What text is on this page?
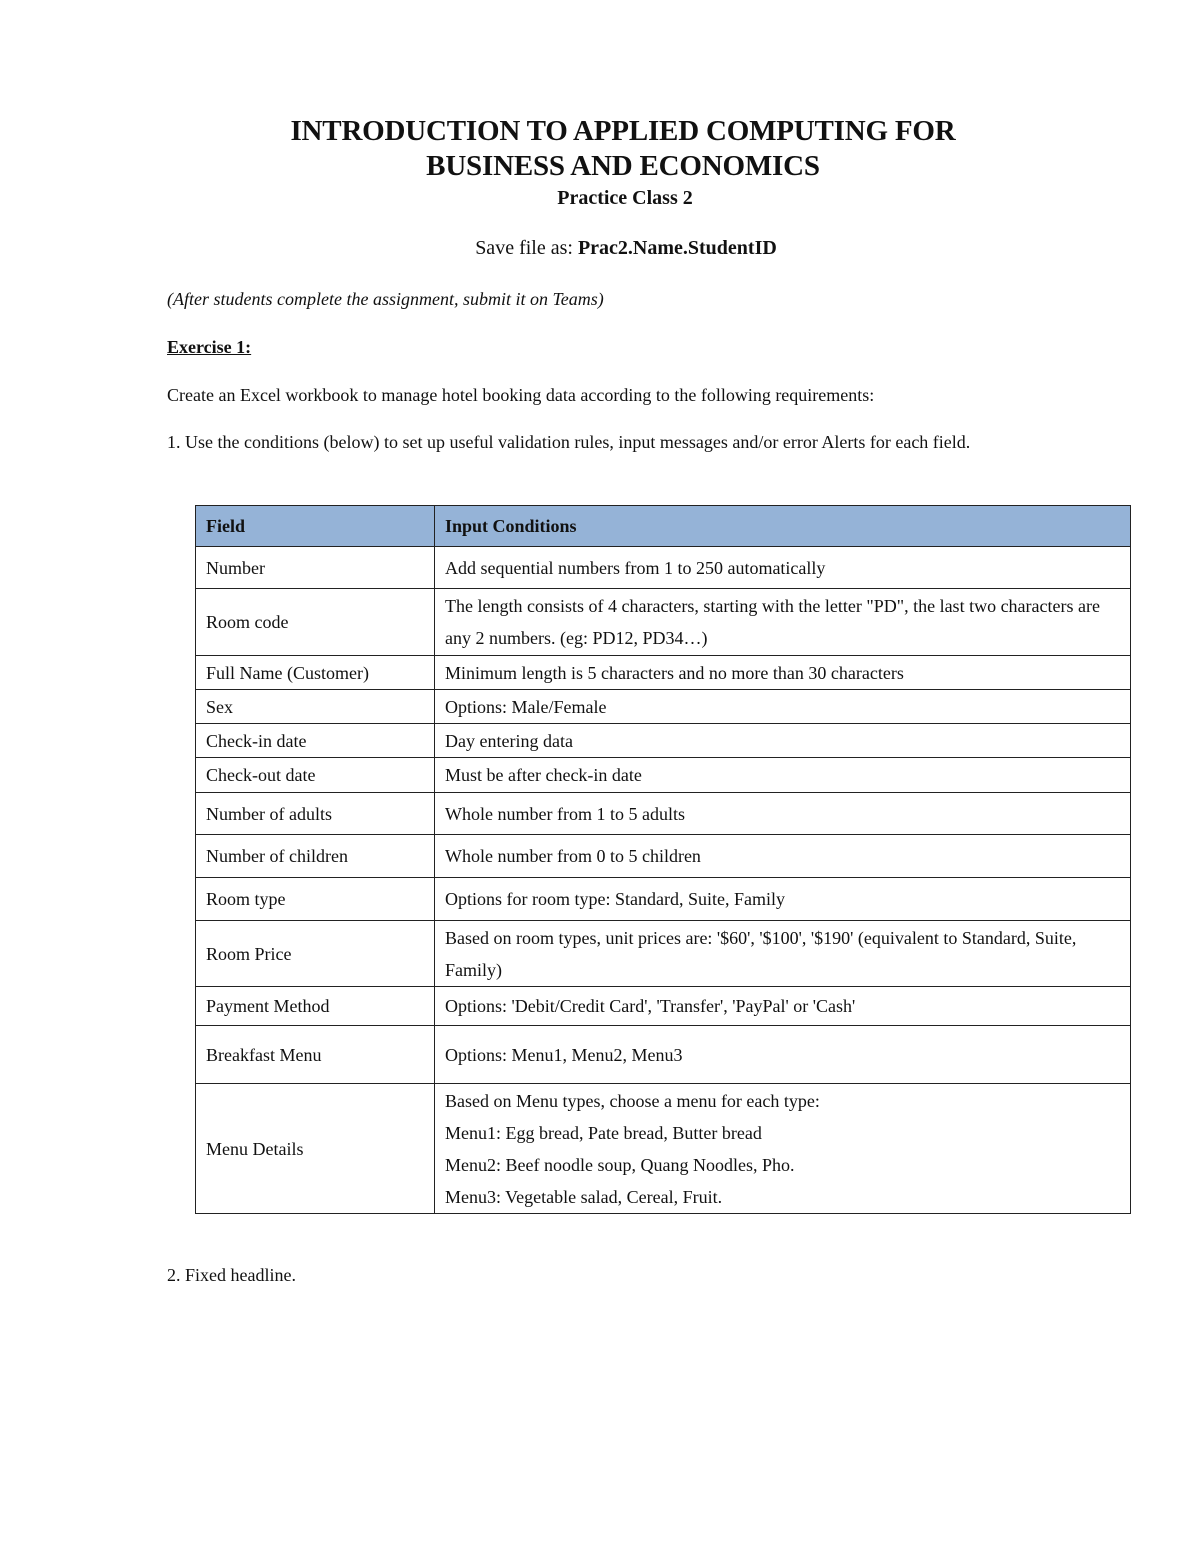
INTRODUCTION TO APPLIED COMPUTING FOR
BUSINESS AND ECONOMICS
Practice Class 2
Save file as: Prac2.Name.StudentID
(After students complete the assignment, submit it on Teams)
Exercise 1:
Create an Excel workbook to manage hotel booking data according to the following requirements:
1. Use the conditions (below) to set up useful validation rules, input messages and/or error Alerts for each field.
Field	Input Conditions
Number	Add sequential numbers from 1 to 250 automatically
Room code	The length consists of 4 characters, starting with the letter "PD", the last two characters are any 2 numbers. (eg: PD12, PD34…)
Full Name (Customer)	Minimum length is 5 characters and no more than 30 characters
Sex	Options: Male/Female
Check-in date	Day entering data
Check-out date	Must be after check-in date
Number of adults	Whole number from 1 to 5 adults
Number of children	Whole number from 0 to 5 children
Room type	Options for room type: Standard, Suite, Family
Room Price	Based on room types, unit prices are: '$60', '$100', '$190' (equivalent to Standard, Suite, Family)
Payment Method	Options: 'Debit/Credit Card', 'Transfer', 'PayPal' or 'Cash'
Breakfast Menu	Options: Menu1, Menu2, Menu3
Menu Details	Based on Menu types, choose a menu for each type:
Menu1: Egg bread, Pate bread, Butter bread
Menu2: Beef noodle soup, Quang Noodles, Pho.
Menu3: Vegetable salad, Cereal, Fruit.
2. Fixed headline.
